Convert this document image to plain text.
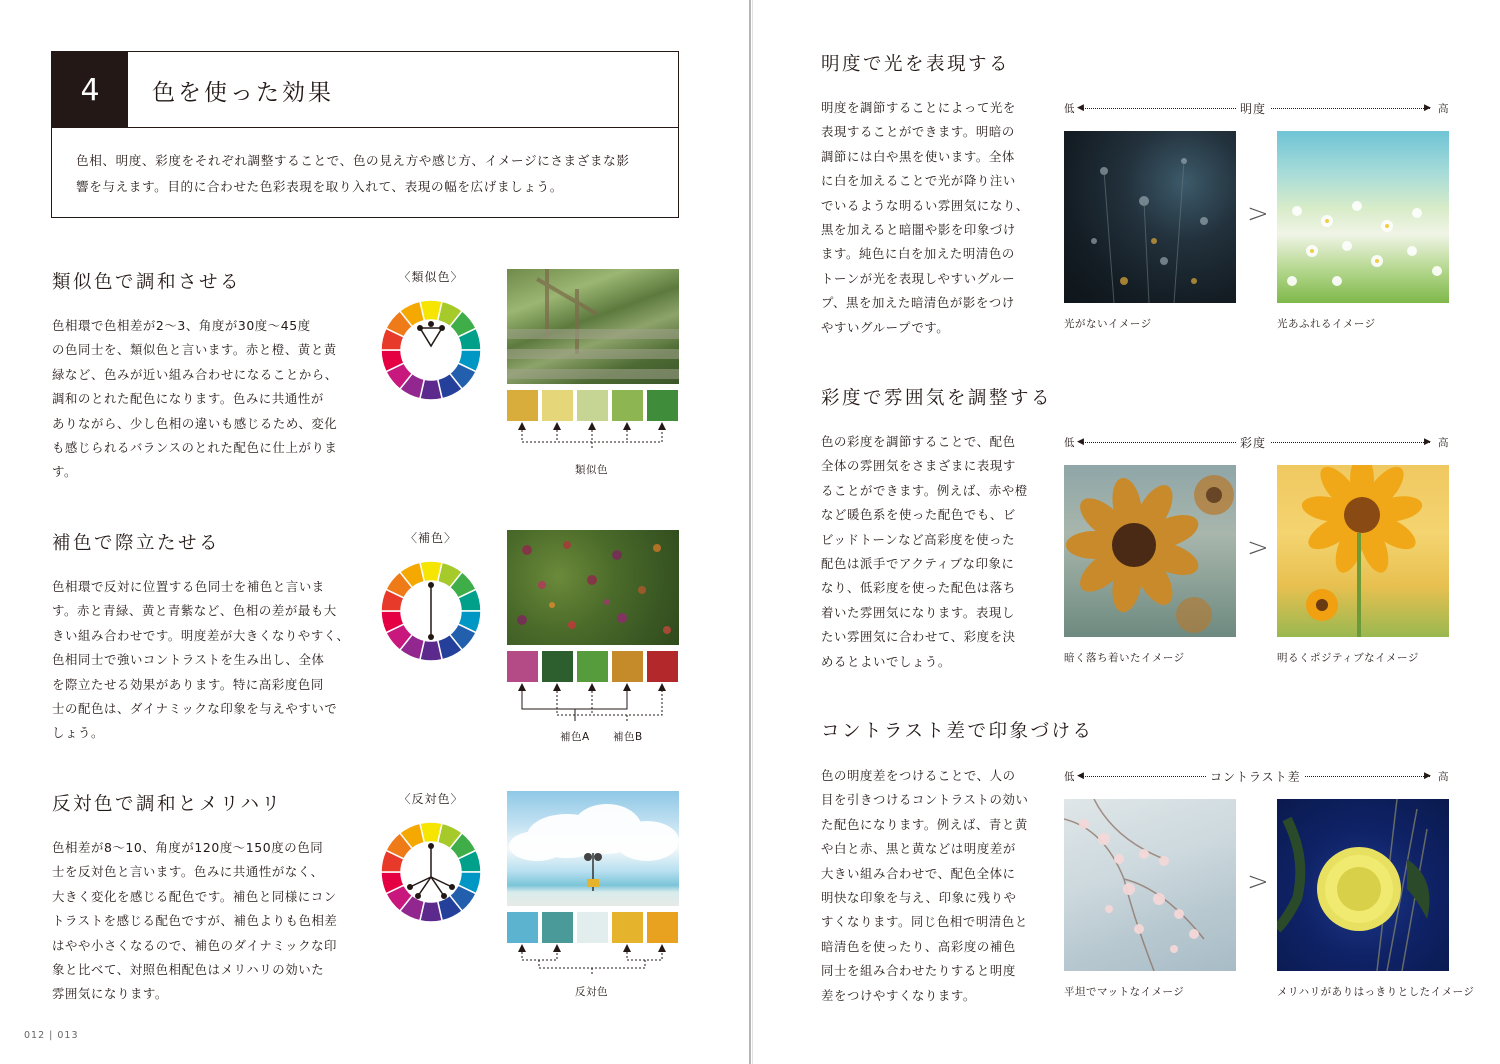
4	色を使った効果
色相、明度、彩度をそれぞれ調整することで、色の見え方や感じ方、イメージにさまざまな影
響を与えます。目的に合わせた色彩表現を取り入れて、表現の幅を広げましょう。
類似色で調和させる
色相環で色相差が2〜3、角度が30度〜45度
の色同士を、類似色と言います。赤と橙、黄と黄
緑など、色みが近い組み合わせになることから、
調和のとれた配色になります。色みに共通性が
ありながら、少し色相の違いも感じるため、変化
も感じられるバランスのとれた配色に仕上がりま
す。
〈類似色〉
類似色
補色で際立たせる
色相環で反対に位置する色同士を補色と言いま
す。赤と青緑、黄と青紫など、色相の差が最も大
きい組み合わせです。明度差が大きくなりやすく、
色相同士で強いコントラストを生み出し、全体
を際立たせる効果があります。特に高彩度色同
士の配色は、ダイナミックな印象を与えやすいで
しょう。
〈補色〉
補色A 補色B
反対色で調和とメリハリ
色相差が8〜10、角度が120度〜150度の色同
士を反対色と言います。色みに共通性がなく、
大きく変化を感じる配色です。補色と同様にコン
トラストを感じる配色ですが、補色よりも色相差
はやや小さくなるので、補色のダイナミックな印
象と比べて、対照色相配色はメリハリの効いた
雰囲気になります。
〈反対色〉
反対色
012 | 013
明度で光を表現する
明度を調節することによって光を
表現することができます。明暗の
調節には白や黒を使います。全体
に白を加えることで光が降り注い
でいるような明るい雰囲気になり、
黒を加えると暗闇や影を印象づけ
ます。純色に白を加えた明清色の
トーンが光を表現しやすいグルー
プ、黒を加えた暗清色が影をつけ
やすいグループです。
低 ◀	▶
明度	高
>
光がないイメージ	光あふれるイメージ
彩度で雰囲気を調整する
色の彩度を調節することで、配色
全体の雰囲気をさまざまに表現す
ることができます。例えば、赤や橙
など暖色系を使った配色でも、ビ
ビッドトーンなど高彩度を使った
配色は派手でアクティブな印象に
なり、低彩度を使った配色は落ち
着いた雰囲気になります。表現し
たい雰囲気に合わせて、彩度を決
めるとよいでしょう。
低 ◀	▶
彩度	高
>
暗く落ち着いたイメージ	明るくポジティブなイメージ
コントラスト差で印象づける
色の明度差をつけることで、人の
目を引きつけるコントラストの効い
た配色になります。例えば、青と黄
や白と赤、黒と黄などは明度差が
大きい組み合わせで、配色全体に
明快な印象を与え、印象に残りや
すくなります。同じ色相で明清色と
暗清色を使ったり、高彩度の補色
同士を組み合わせたりすると明度
差をつけやすくなります。
低 ◀	▶
コントラスト差	高
>
平坦でマットなイメージ	メリハリがありはっきりとしたイメージ
